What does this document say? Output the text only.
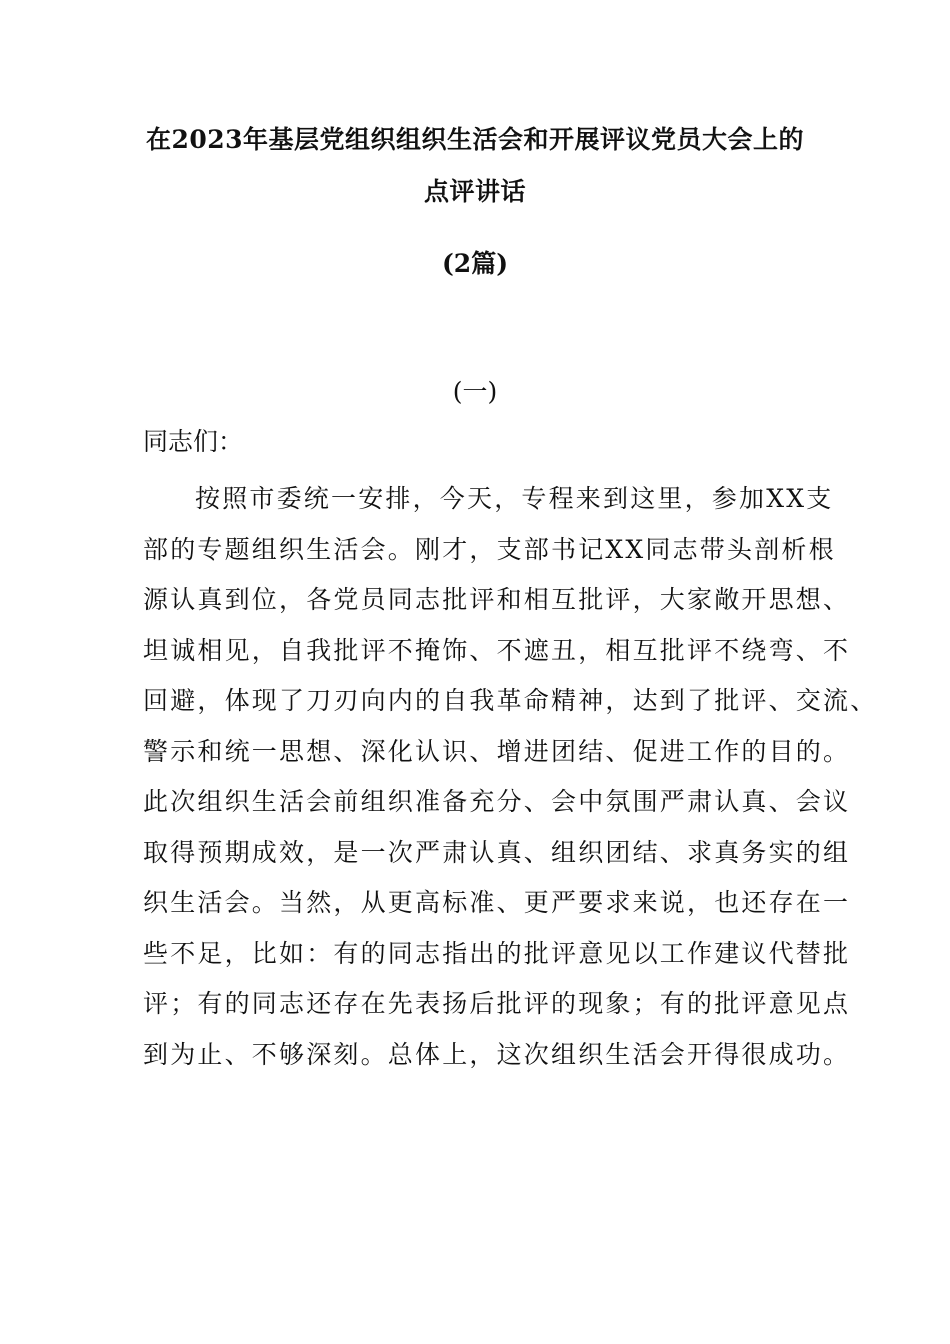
在2023年基层党组织组织生活会和开展评议党员大会上的
点评讲话
(2篇)
(一)
同志们：
按照市委统一安排，今天，专程来到这里，参加XX支
部的专题组织生活会。刚才，支部书记XX同志带头剖析根
源认真到位，各党员同志批评和相互批评，大家敞开思想、
坦诚相见，自我批评不掩饰、不遮丑，相互批评不绕弯、不
回避，体现了刀刃向内的自我革命精神，达到了批评、交流、
警示和统一思想、深化认识、增进团结、促进工作的目的。
此次组织生活会前组织准备充分、会中氛围严肃认真、会议
取得预期成效，是一次严肃认真、组织团结、求真务实的组
织生活会。当然，从更高标准、更严要求来说，也还存在一
些不足，比如：有的同志指出的批评意见以工作建议代替批
评；有的同志还存在先表扬后批评的现象；有的批评意见点
到为止、不够深刻。总体上，这次组织生活会开得很成功。
